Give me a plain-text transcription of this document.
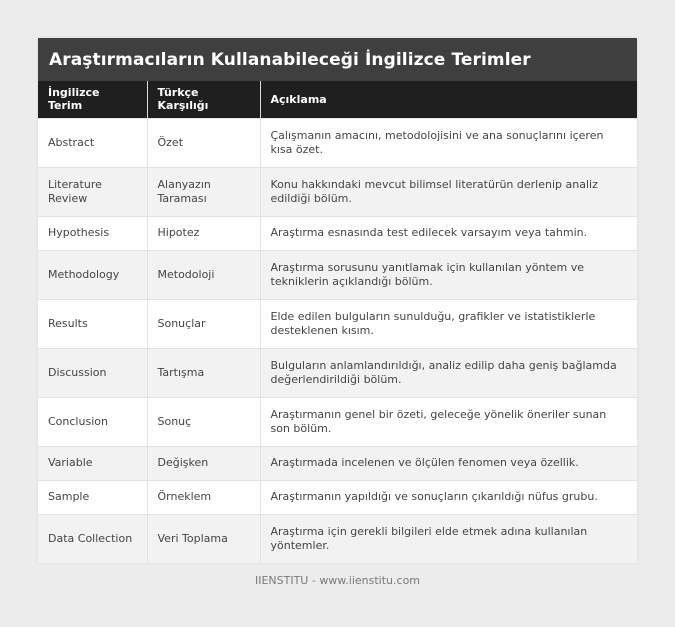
Araştırmacıların Kullanabileceği İngilizce Terimler
İngilizce Terim	Türkçe Karşılığı	Açıklama
Abstract	Özet	Çalışmanın amacını, metodolojisini ve ana sonuçlarını içeren kısa özet.
Literature Review	Alanyazın Taraması	Konu hakkındaki mevcut bilimsel literatürün derlenip analiz edildiği bölüm.
Hypothesis	Hipotez	Araştırma esnasında test edilecek varsayım veya tahmin.
Methodology	Metodoloji	Araştırma sorusunu yanıtlamak için kullanılan yöntem ve tekniklerin açıklandığı bölüm.
Results	Sonuçlar	Elde edilen bulguların sunulduğu, grafikler ve istatistiklerle desteklenen kısım.
Discussion	Tartışma	Bulguların anlamlandırıldığı, analiz edilip daha geniş bağlamda değerlendirildiği bölüm.
Conclusion	Sonuç	Araştırmanın genel bir özeti, geleceğe yönelik öneriler sunan son bölüm.
Variable	Değişken	Araştırmada incelenen ve ölçülen fenomen veya özellik.
Sample	Örneklem	Araştırmanın yapıldığı ve sonuçların çıkarıldığı nüfus grubu.
Data Collection	Veri Toplama	Araştırma için gerekli bilgileri elde etmek adına kullanılan yöntemler.
IIENSTITU - www.iienstitu.com
